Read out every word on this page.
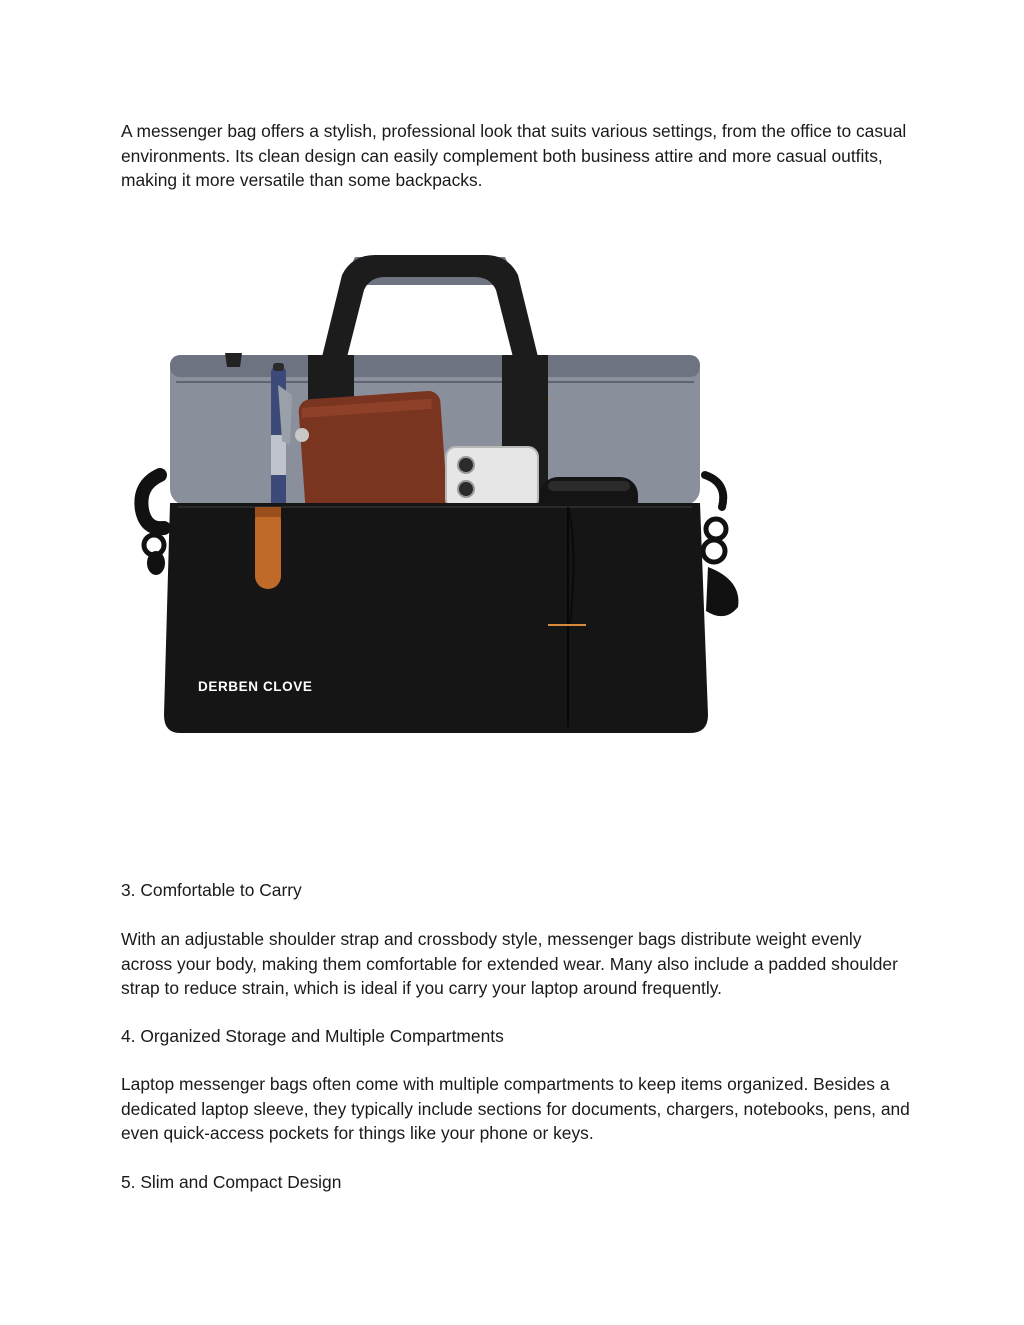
A messenger bag offers a stylish, professional look that suits various settings, from the office to casual environments. Its clean design can easily complement both business attire and more casual outfits, making it more versatile than some backpacks.

DERBEN CLOVE

3. Comfortable to Carry

With an adjustable shoulder strap and crossbody style, messenger bags distribute weight evenly across your body, making them comfortable for extended wear. Many also include a padded shoulder strap to reduce strain, which is ideal if you carry your laptop around frequently.

4. Organized Storage and Multiple Compartments

Laptop messenger bags often come with multiple compartments to keep items organized. Besides a dedicated laptop sleeve, they typically include sections for documents, chargers, notebooks, pens, and even quick-access pockets for things like your phone or keys.

5. Slim and Compact Design
